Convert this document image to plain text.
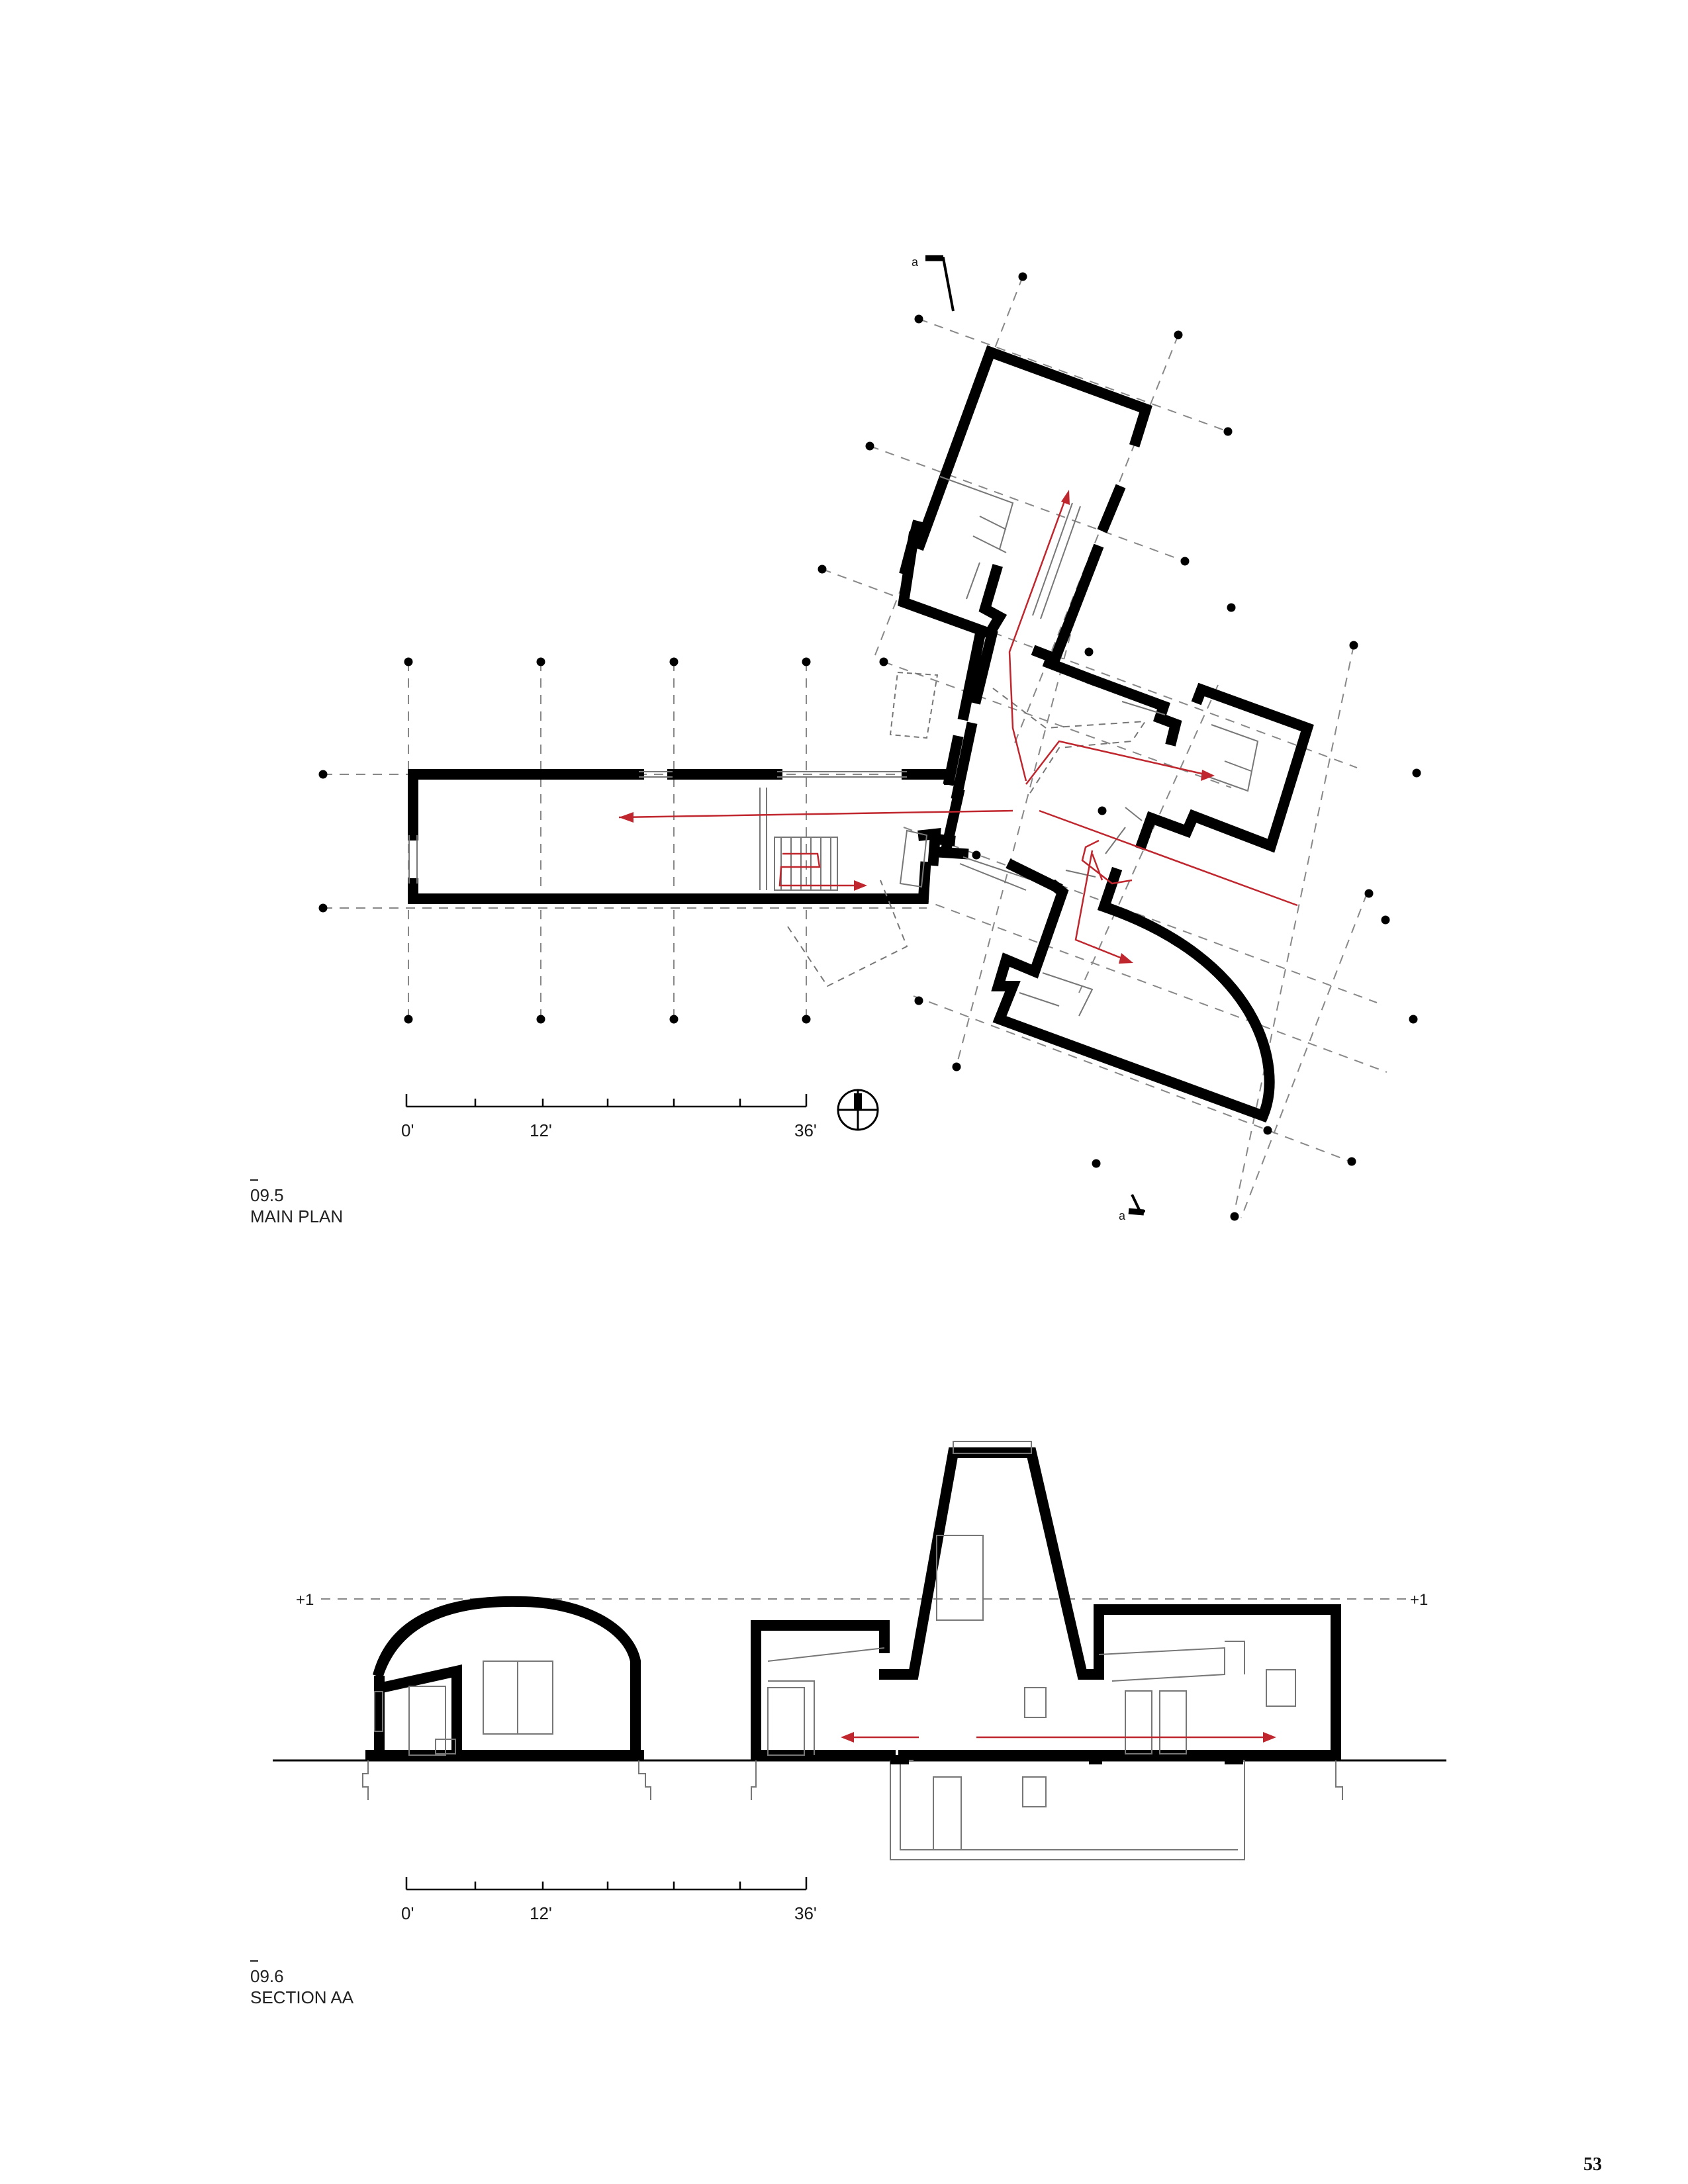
a
a
0'	12'	36'
+1	+1
0'	12'	36'
09.5
MAIN PLAN
09.6
SECTION AA
53
